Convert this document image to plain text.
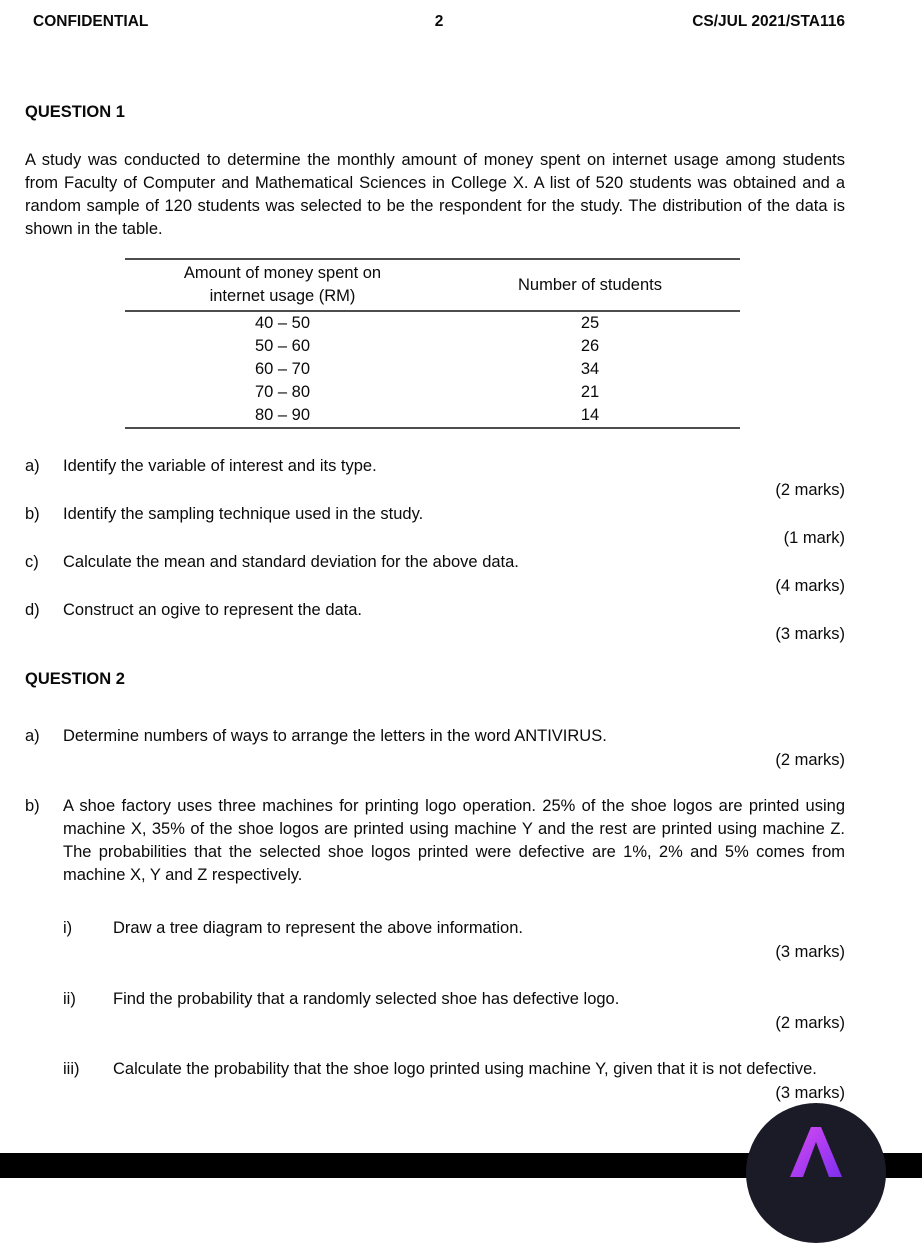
CONFIDENTIAL	2	CS/JUL 2021/STA116
QUESTION 1

A study was conducted to determine the monthly amount of money spent on internet usage among students from Faculty of Computer and Mathematical Sciences in College X. A list of 520 students was obtained and a random sample of 120 students was selected to be the respondent for the study. The distribution of the data is shown in the table.

Amount of money spent on
internet usage (RM)	Number of students
40 – 50	25
50 – 60	26
60 – 70	34
70 – 80	21
80 – 90	14
a)	Identify the variable of interest and its type.
(2 marks)
b)	Identify the sampling technique used in the study.
(1 mark)
c)	Calculate the mean and standard deviation for the above data.
(4 marks)
d)	Construct an ogive to represent the data.
(3 marks)
QUESTION 2
a)	Determine numbers of ways to arrange the letters in the word ANTIVIRUS.
(2 marks)
b)	A shoe factory uses three machines for printing logo operation. 25% of the shoe logos are printed using machine X, 35% of the shoe logos are printed using machine Y and the rest are printed using machine Z. The probabilities that the selected shoe logos printed were defective are 1%, 2% and 5% comes from machine X, Y and Z respectively.
i)	Draw a tree diagram to represent the above information.
(3 marks)
ii)	Find the probability that a randomly selected shoe has defective logo.
(2 marks)
iii)	Calculate the probability that the shoe logo printed using machine Y, given that it is not defective.
(3 marks)
